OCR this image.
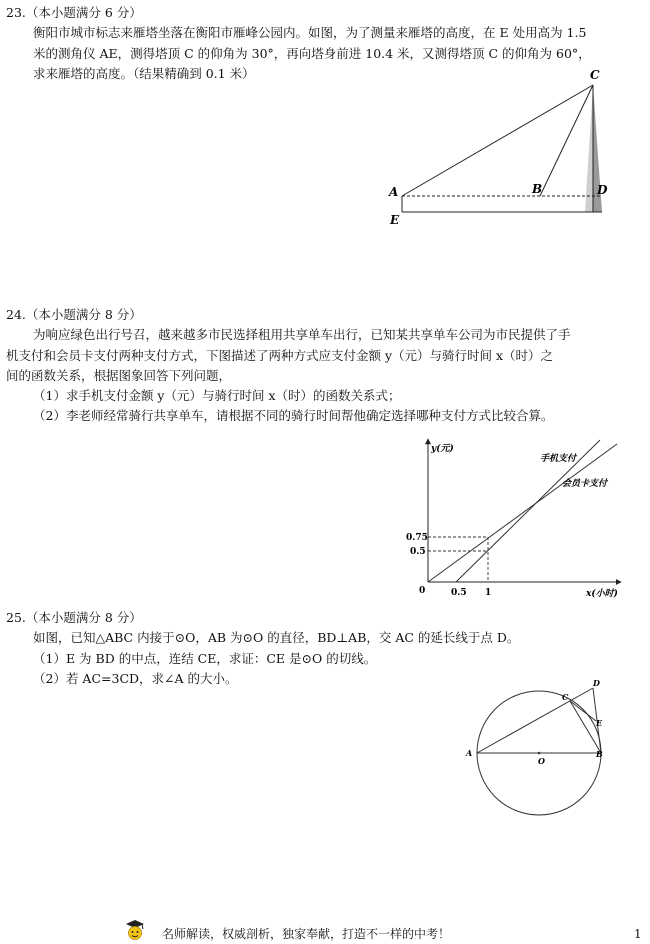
23.（本小题满分 6 分）
衡阳市城市标志来雁塔坐落在衡阳市雁峰公园内。如图，为了测量来雁塔的高度，在 E 处用高为 1.5
米的测角仪 AE，测得塔顶 C 的仰角为 30°，再向塔身前进 10.4 米，又测得塔顶 C 的仰角为 60°，
求来雁塔的高度。（结果精确到 0.1 米）	C
A	B	D
E
24.（本小题满分 8 分）
为响应绿色出行号召，越来越多市民选择租用共享单车出行，已知某共享单车公司为市民提供了手
机支付和会员卡支付两种支付方式，下图描述了两种方式应支付金额 y（元）与骑行时间 x（时）之
间的函数关系，根据图象回答下列问题，
（1）求手机支付金额 y（元）与骑行时间 x（时）的函数关系式；
（2）李老师经常骑行共享单车，请根据不同的骑行时间帮他确定选择哪种支付方式比较合算。
y(元)
x(小时)
手机支付
会员卡支付
0.75
0.5
0	0.5 1
25.（本小题满分 8 分）
如图，已知△ABC 内接于⊙O，AB 为⊙O 的直径，BD⊥AB，交 AC 的延长线于点 D。
（1）E 为 BD 的中点，连结 CE，求证：CE 是⊙O 的切线。
（2）若 AC=3CD，求∠A 的大小。
A
O
B
C
D
E
名师解读，权威剖析，独家奉献，打造不一样的中考！	1
